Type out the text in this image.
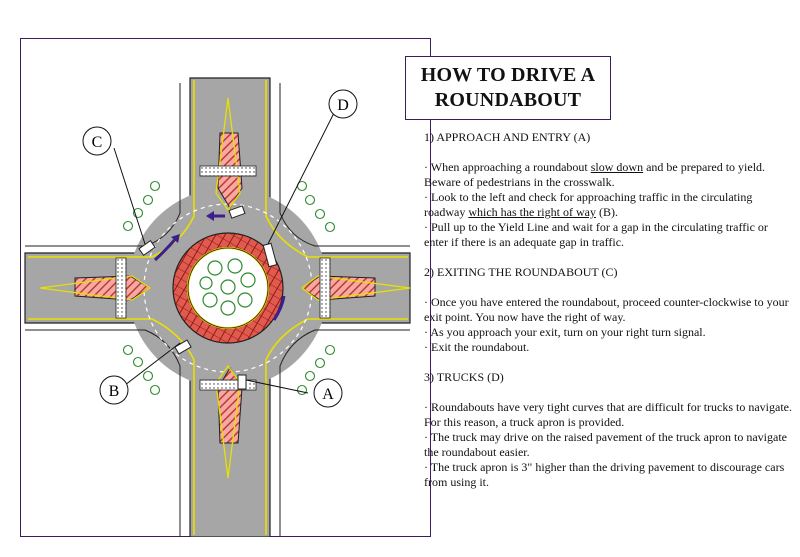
C
D
B	A
HOW TO DRIVE A
ROUNDABOUT
1) APPROACH AND ENTRY (A)
· When approaching a roundabout slow down and be prepared to yield. Beware of pedestrians in the crosswalk.
· Look to the left and check for approaching traffic in the circulating roadway which has the right of way (B).
· Pull up to the Yield Line and wait for a gap in the circulating traffic or enter if there is an adequate gap in traffic.
2) EXITING THE ROUNDABOUT (C)
· Once you have entered the roundabout, proceed counter-clockwise to your exit point. You now have the right of way.
· As you approach your exit, turn on your right turn signal.
· Exit the roundabout.
3) TRUCKS (D)
· Roundabouts have very tight curves that are difficult for trucks to navigate. For this reason, a truck apron is provided.
· The truck may drive on the raised pavement of the truck apron to navigate the roundabout easier.
· The truck apron is 3" higher than the driving pavement to discourage cars from using it.
